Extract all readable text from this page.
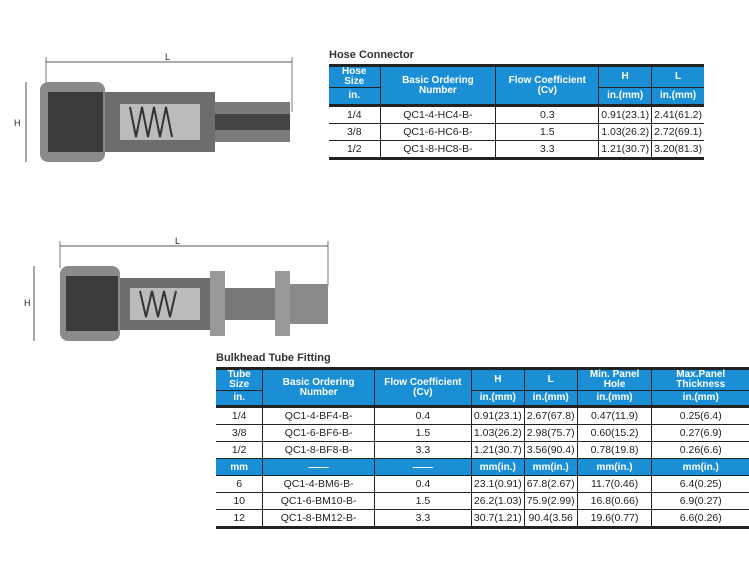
L
H
L
H
Hose Connector
Hose Size	Basic Ordering Number	Flow Coefficient (Cv)	H	L
in.			in.(mm)	in.(mm)
1/4	QC1-4-HC4-B-	0.3	0.91(23.1)	2.41(61.2)
3/8	QC1-6-HC6-B-	1.5	1.03(26.2)	2.72(69.1)
1/2	QC1-8-HC8-B-	3.3	1.21(30.7)	3.20(81.3)
Bulkhead Tube Fitting
Tube Size	Basic Ordering Number	Flow Coefficient (Cv)	H	L	Min. Panel Hole	Max.Panel Thickness
in.			in.(mm)	in.(mm)	in.(mm)	in.(mm)
1/4	QC1-4-BF4-B-	0.4	0.91(23.1)	2.67(67.8)	0.47(11.9)	0.25(6.4)
3/8	QC1-6-BF6-B-	1.5	1.03(26.2)	2.98(75.7)	0.60(15.2)	0.27(6.9)
1/2	QC1-8-BF8-B-	3.3	1.21(30.7)	3.56(90.4)	0.78(19.8)	0.26(6.6)
mm	——	——	mm(in.)	mm(in.)	mm(in.)	mm(in.)
6	QC1-4-BM6-B-	0.4	23.1(0.91)	67.8(2.67)	11.7(0.46)	6.4(0.25)
10	QC1-6-BM10-B-	1.5	26.2(1.03)	75.9(2.99)	16.8(0.66)	6.9(0.27)
12	QC1-8-BM12-B-	3.3	30.7(1.21)	90.4(3.56	19.6(0.77)	6.6(0.26)
